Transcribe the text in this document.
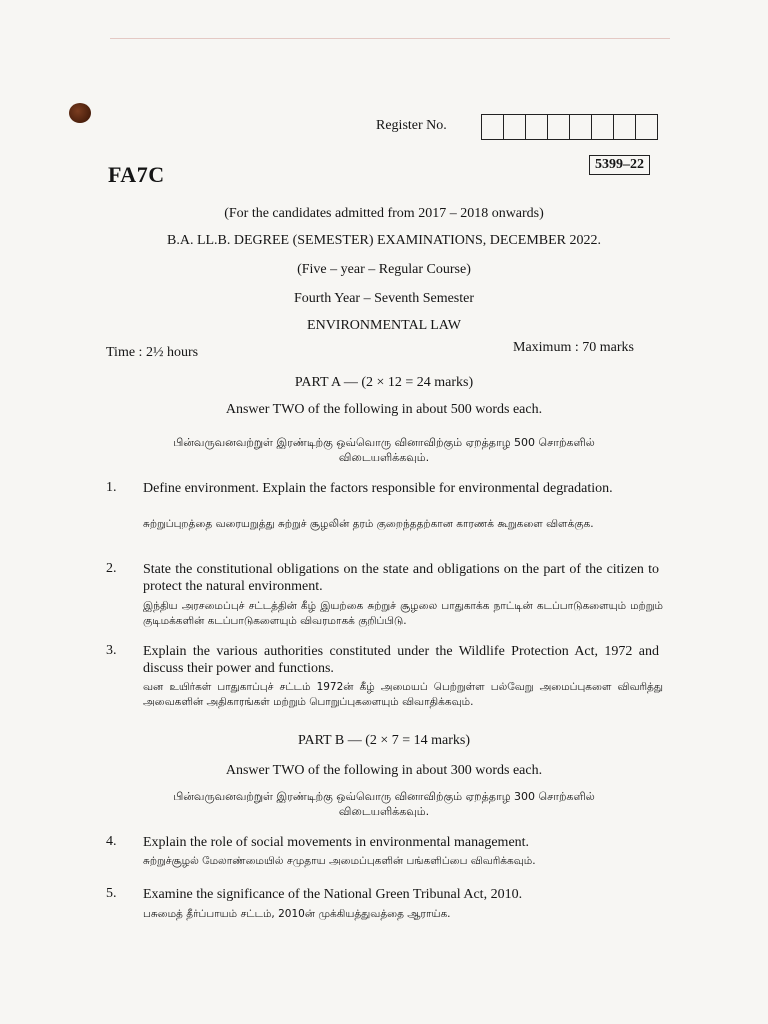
Register No.
FA7C	5399–22
(For the candidates admitted from 2017 – 2018 onwards)
B.A. LL.B. DEGREE (SEMESTER) EXAMINATIONS, DECEMBER 2022.
(Five – year – Regular Course)
Fourth Year – Seventh Semester
ENVIRONMENTAL LAW
Time : 2½ hours	Maximum : 70 marks
PART A — (2 × 12 = 24 marks)
Answer TWO of the following in about 500 words each.
பின்வருவனவற்றுள் இரண்டிற்கு ஒவ்வொரு வினாவிற்கும் ஏறத்தாழ 500 சொற்களில்
விடையளிக்கவும்.
1. Define environment. Explain the factors responsible for environmental degradation.
சுற்றுப்புறத்தை வரையறுத்து சுற்றுச் சூழலின் தரம் குறைந்ததற்கான காரணக் கூறுகளை விளக்குக.
2. State the constitutional obligations on the state and obligations on the part of the citizen to protect the natural environment.
இந்திய அரசமைப்புச் சட்டத்தின் கீழ் இயற்கை சுற்றுச் சூழலை பாதுகாக்க நாட்டின் கடப்பாடுகளையும் மற்றும் குடிமக்களின் கடப்பாடுகளையும் விவரமாகக் குறிப்பிடு.
3. Explain the various authorities constituted under the Wildlife Protection Act, 1972 and discuss their power and functions.
வன உயிர்கள் பாதுகாப்புச் சட்டம் 1972ன் கீழ் அமையப் பெற்றுள்ள பல்வேறு அமைப்புகளை விவரித்து அவைகளின் அதிகாரங்கள் மற்றும் பொறுப்புகளையும் விவாதிக்கவும்.
PART B — (2 × 7 = 14 marks)
Answer TWO of the following in about 300 words each.
பின்வருவனவற்றுள் இரண்டிற்கு ஒவ்வொரு வினாவிற்கும் ஏறத்தாழ 300 சொற்களில்
விடையளிக்கவும்.
4. Explain the role of social movements in environmental management.
சுற்றுச்சூழல் மேலாண்மையில் சமுதாய அமைப்புகளின் பங்களிப்பை விவரிக்கவும்.
5. Examine the significance of the National Green Tribunal Act, 2010.
பசுமைத் தீர்ப்பாயம் சட்டம், 2010ன் முக்கியத்துவத்தை ஆராய்க.
